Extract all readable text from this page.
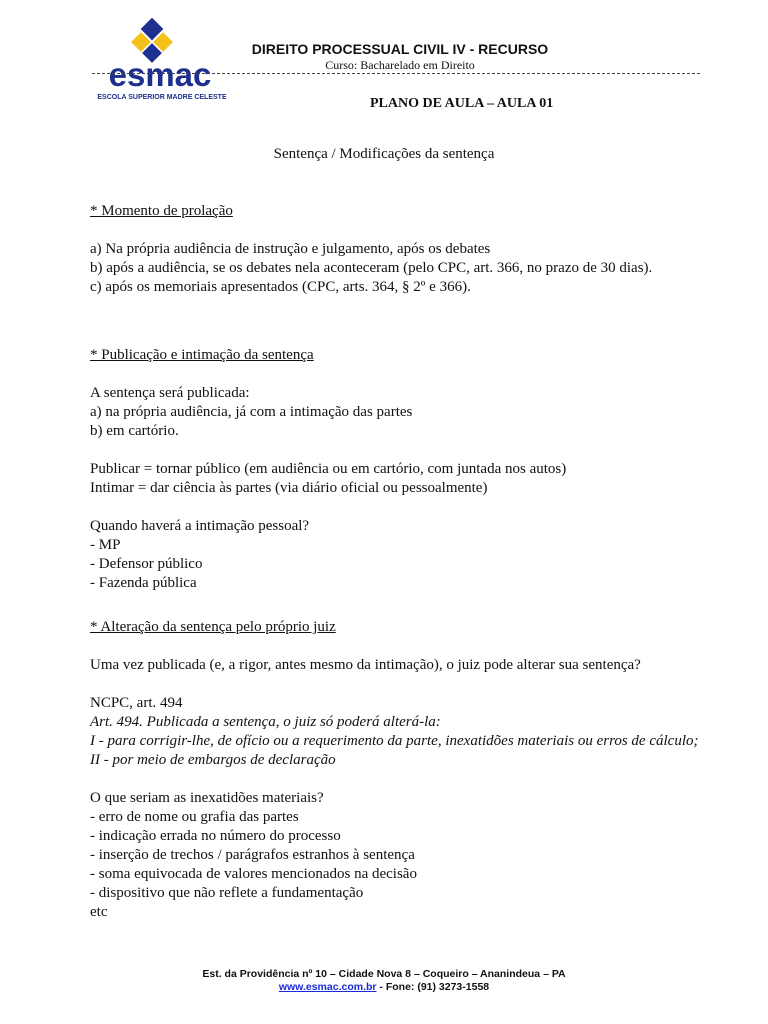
esmac
ESCOLA SUPERIOR MADRE CELESTE
DIREITO PROCESSUAL CIVIL IV - RECURSO
Curso: Bacharelado em Direito
PLANO DE AULA – AULA 01
Sentença / Modificações da sentença

* Momento de prolação

a) Na própria audiência de instrução e julgamento, após os debates

b) após a audiência, se os debates nela aconteceram (pelo CPC, art. 366, no prazo de 30 dias).

c) após os memoriais apresentados (CPC, arts. 364, § 2º e 366).

* Publicação e intimação da sentença

A sentença será publicada:

a) na própria audiência, já com a intimação das partes

b) em cartório.

Publicar = tornar público (em audiência ou em cartório, com juntada nos autos)

Intimar = dar ciência às partes (via diário oficial ou pessoalmente)

Quando haverá a intimação pessoal?

- MP

- Defensor público

- Fazenda pública

* Alteração da sentença pelo próprio juiz

Uma vez publicada (e, a rigor, antes mesmo da intimação), o juiz pode alterar sua sentença?

NCPC, art. 494

Art. 494. Publicada a sentença, o juiz só poderá alterá-la:

I - para corrigir-lhe, de ofício ou a requerimento da parte, inexatidões materiais ou erros de cálculo;

II - por meio de embargos de declaração

O que seriam as inexatidões materiais?

- erro de nome ou grafia das partes

- indicação errada no número do processo

- inserção de trechos / parágrafos estranhos à sentença

- soma equivocada de valores mencionados na decisão

- dispositivo que não reflete a fundamentação

etc

Est. da Providência nº 10 – Cidade Nova 8 – Coqueiro – Ananindeua – PA
www.esmac.com.br - Fone: (91) 3273-1558
